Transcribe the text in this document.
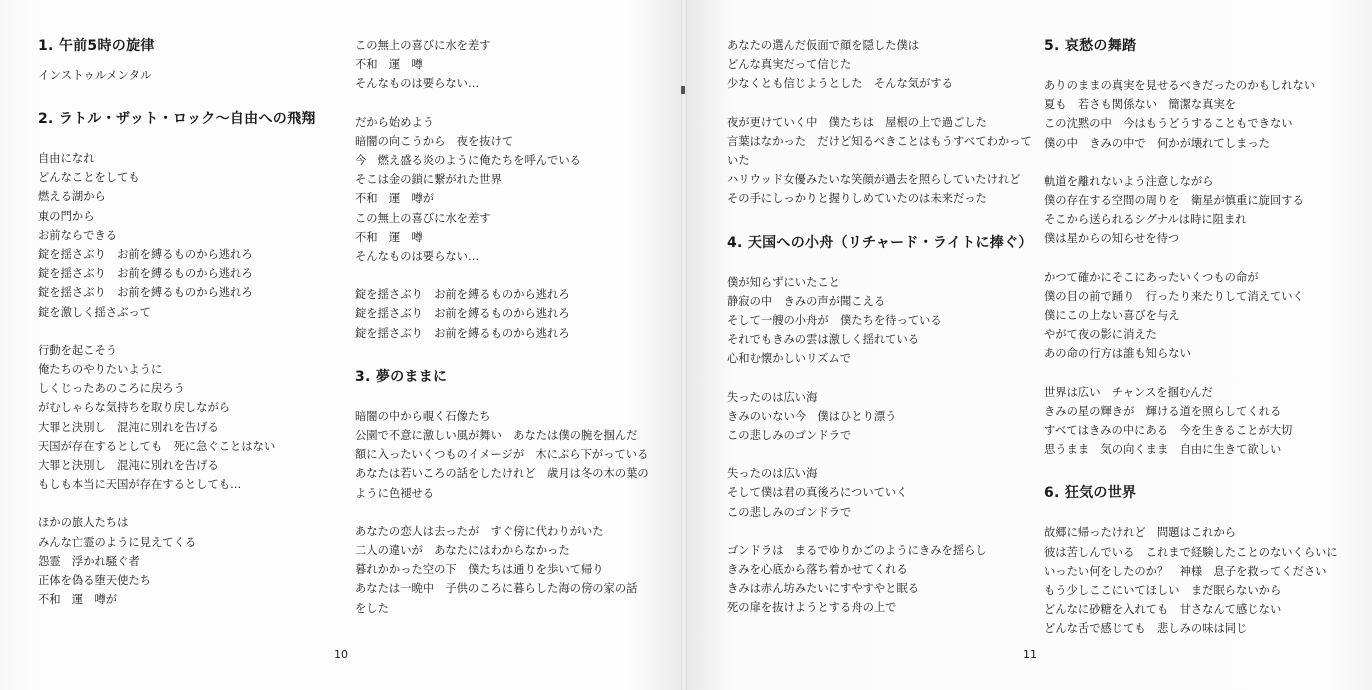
1. 午前5時の旋律
インストゥルメンタル
2. ラトル・ザット・ロック～自由への飛翔
自由になれ
どんなことをしても
燃える湖から
東の門から
お前ならできる
錠を揺さぶり　お前を縛るものから逃れろ
錠を揺さぶり　お前を縛るものから逃れろ
錠を揺さぶり　お前を縛るものから逃れろ
錠を激しく揺さぶって
行動を起こそう
俺たちのやりたいように
しくじったあのころに戻ろう
がむしゃらな気持ちを取り戻しながら
大罪と決別し　混沌に別れを告げる
天国が存在するとしても　死に急ぐことはない
大罪と決別し　混沌に別れを告げる
もしも本当に天国が存在するとしても…
ほかの旅人たちは
みんな亡霊のように見えてくる
怨霊　浮かれ騒ぐ者
正体を偽る堕天使たち
不和　運　噂が
この無上の喜びに水を差す
不和　運　噂
そんなものは要らない…
だから始めよう
暗闇の向こうから　夜を抜けて
今　燃え盛る炎のように俺たちを呼んでいる
そこは金の鎖に繋がれた世界
不和　運　噂が
この無上の喜びに水を差す
不和　運　噂
そんなものは要らない…
錠を揺さぶり　お前を縛るものから逃れろ
錠を揺さぶり　お前を縛るものから逃れろ
錠を揺さぶり　お前を縛るものから逃れろ
3. 夢のままに
暗闇の中から覗く石像たち
公園で不意に激しい風が舞い　あなたは僕の腕を掴んだ
額に入ったいくつものイメージが　木にぶら下がっている
あなたは若いころの話をしたけれど　歳月は冬の木の葉の
ように色褪せる
あなたの恋人は去ったが　すぐ傍に代わりがいた
二人の違いが　あなたにはわからなかった
暮れかかった空の下　僕たちは通りを歩いて帰り
あなたは一晩中　子供のころに暮らした海の傍の家の話
をした
あなたの選んだ仮面で顔を隠した僕は
どんな真実だって信じた
少なくとも信じようとした　そんな気がする
夜が更けていく中　僕たちは　屋根の上で過ごした
言葉はなかった　だけど知るべきことはもうすべてわかって
いた
ハリウッド女優みたいな笑顔が過去を照らしていたけれど
その手にしっかりと握りしめていたのは未来だった
4. 天国への小舟（リチャード・ライトに捧ぐ）
僕が知らずにいたこと
静寂の中　きみの声が聞こえる
そして一艘の小舟が　僕たちを待っている
それでもきみの雲は激しく揺れている
心和む懐かしいリズムで
失ったのは広い海
きみのいない今　僕はひとり漂う
この悲しみのゴンドラで
失ったのは広い海
そして僕は君の真後ろについていく
この悲しみのゴンドラで
ゴンドラは　まるでゆりかごのようにきみを揺らし
きみを心底から落ち着かせてくれる
きみは赤ん坊みたいにすやすやと眠る
死の扉を抜けようとする舟の上で
5. 哀愁の舞踏
ありのままの真実を見せるべきだったのかもしれない
夏も　若さも関係ない　簡潔な真実を
この沈黙の中　今はもうどうすることもできない
僕の中　きみの中で　何かが壊れてしまった
軌道を離れないよう注意しながら
僕の存在する空間の周りを　衛星が慎重に旋回する
そこから送られるシグナルは時に阻まれ
僕は星からの知らせを待つ
かつて確かにそこにあったいくつもの命が
僕の目の前で踊り　行ったり来たりして消えていく
僕にこの上ない喜びを与え
やがて夜の影に消えた
あの命の行方は誰も知らない
世界は広い　チャンスを掴むんだ
きみの星の輝きが　輝ける道を照らしてくれる
すべてはきみの中にある　今を生きることが大切
思うまま　気の向くまま　自由に生きて欲しい
6. 狂気の世界
故郷に帰ったけれど　問題はこれから
彼は苦しんでいる　これまで経験したことのないくらいに
いったい何をしたのか？　神様　息子を救ってください
もう少しここにいてほしい　まだ眠らないから
どんなに砂糖を入れても　甘さなんて感じない
どんな舌で感じても　悲しみの味は同じ
10	11
